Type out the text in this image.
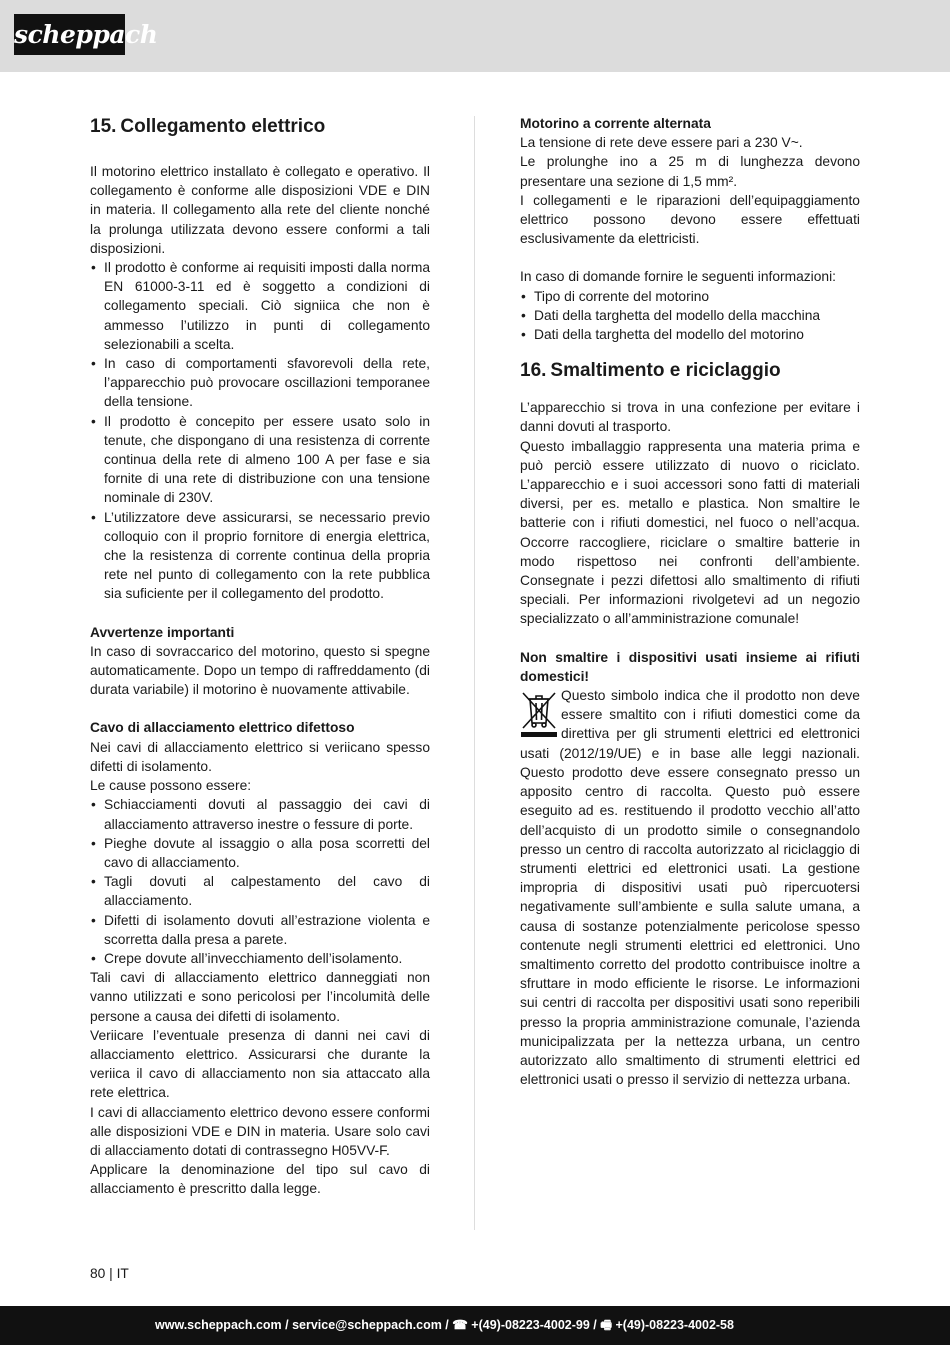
scheppach
15. Collegamento elettrico

Il motorino elettrico installato è collegato e operativo. Il collegamento è conforme alle disposizioni VDE e DIN in materia. Il collegamento alla rete del cliente nonché la prolunga utilizzata devono essere conformi a tali disposizioni.

• Il prodotto è conforme ai requisiti imposti dalla norma EN 61000-3-11 ed è soggetto a condizioni di collegamento speciali. Ciò signiica che non è ammesso l’utilizzo in punti di collegamento selezionabili a scelta.
• In caso di comportamenti sfavorevoli della rete, l’apparecchio può provocare oscillazioni temporanee della tensione.
• Il prodotto è concepito per essere usato solo in tenute, che dispongano di una resistenza di corrente continua della rete di almeno 100 A per fase e sia fornite di una rete di distribuzione con una tensione nominale di 230V.
• L’utilizzatore deve assicurarsi, se necessario previo colloquio con il proprio fornitore di energia elettrica, che la resistenza di corrente continua della propria rete nel punto di collegamento con la rete pubblica sia suficiente per il collegamento del prodotto.

Avvertenze importanti

In caso di sovraccarico del motorino, questo si spegne automaticamente. Dopo un tempo di raffreddamento (di durata variabile) il motorino è nuovamente attivabile.

Cavo di allacciamento elettrico difettoso

Nei cavi di allacciamento elettrico si veriicano spesso difetti di isolamento.

Le cause possono essere:

• Schiacciamenti dovuti al passaggio dei cavi di allacciamento attraverso inestre o fessure di porte.
• Pieghe dovute al issaggio o alla posa scorretti del cavo di allacciamento.
• Tagli dovuti al calpestamento del cavo di allacciamento.
• Difetti di isolamento dovuti all’estrazione violenta e scorretta dalla presa a parete.
• Crepe dovute all’invecchiamento dell’isolamento.

Tali cavi di allacciamento elettrico danneggiati non vanno utilizzati e sono pericolosi per l’incolumità delle persone a causa dei difetti di isolamento.

Veriicare l’eventuale presenza di danni nei cavi di allacciamento elettrico. Assicurarsi che durante la veriica il cavo di allacciamento non sia attaccato alla rete elettrica.

I cavi di allacciamento elettrico devono essere conformi alle disposizioni VDE e DIN in materia. Usare solo cavi di allacciamento dotati di contrassegno H05VV-F.

Applicare la denominazione del tipo sul cavo di allacciamento è prescritto dalla legge.

Motorino a corrente alternata

La tensione di rete deve essere pari a 230 V~.

Le prolunghe ino a 25 m di lunghezza devono presentare una sezione di 1,5 mm².

I collegamenti e le riparazioni dell’equipaggiamento elettrico possono devono essere effettuati esclusivamente da elettricisti.

In caso di domande fornire le seguenti informazioni:

• Tipo di corrente del motorino
• Dati della targhetta del modello della macchina
• Dati della targhetta del modello del motorino
16. Smaltimento e riciclaggio

L’apparecchio si trova in una confezione per evitare i danni dovuti al trasporto.

Questo imballaggio rappresenta una materia prima e può perciò essere utilizzato di nuovo o riciclato. L’apparecchio e i suoi accessori sono fatti di materiali diversi, per es. metallo e plastica. Non smaltire le batterie con i rifiuti domestici, nel fuoco o nell’acqua. Occorre raccogliere, riciclare o smaltire batterie in modo rispettoso nei confronti dell’ambiente. Consegnate i pezzi difettosi allo smaltimento di rifiuti speciali. Per informazioni rivolgetevi ad un negozio specializzato o all’amministrazione comunale!

Non smaltire i dispositivi usati insieme ai rifiuti domestici!

Questo simbolo indica che il prodotto non deve essere smaltito con i rifiuti domestici come da direttiva per gli strumenti elettrici ed elettronici usati (2012/19/UE) e in base alle leggi nazionali. Questo prodotto deve essere consegnato presso un apposito centro di raccolta. Questo può essere eseguito ad es. restituendo il prodotto vecchio all’atto dell’acquisto di un prodotto simile o consegnandolo presso un centro di raccolta autorizzato al riciclaggio di strumenti elettrici ed elettronici usati. La gestione impropria di dispositivi usati può ripercuotersi negativamente sull’ambiente e sulla salute umana, a causa di sostanze potenzialmente pericolose spesso contenute negli strumenti elettrici ed elettronici. Uno smaltimento corretto del prodotto contribuisce inoltre a sfruttare in modo efficiente le risorse. Le informazioni sui centri di raccolta per dispositivi usati sono reperibili presso la propria amministrazione comunale, l’azienda municipalizzata per la nettezza urbana, un centro autorizzato allo smaltimento di strumenti elettrici ed elettronici usati o presso il servizio di nettezza urbana.

80 | IT
www.scheppach.com / service@scheppach.com / ☎ +(49)-08223-4002-99 / 🖷 +(49)-08223-4002-58
